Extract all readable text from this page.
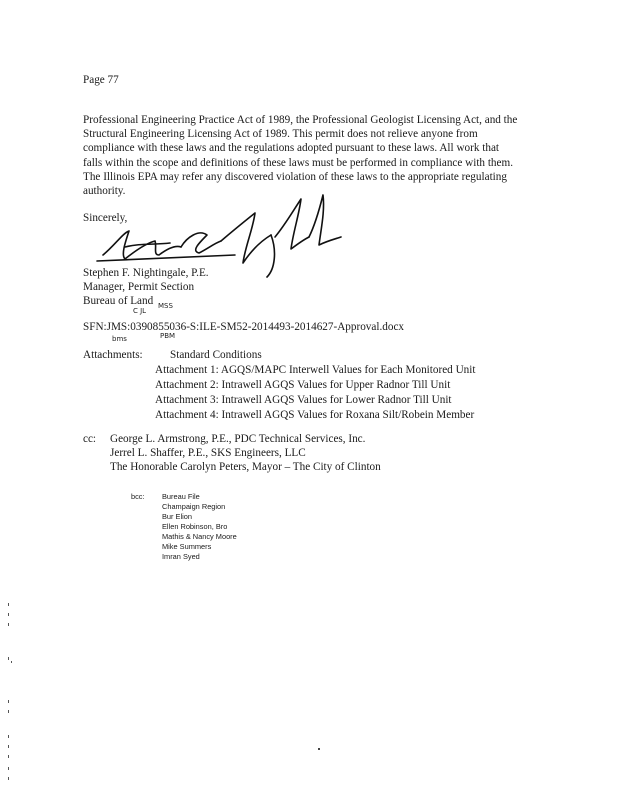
Page 77
Professional Engineering Practice Act of 1989, the Professional Geologist Licensing Act, and the
Structural Engineering Licensing Act of 1989. This permit does not relieve anyone from
compliance with these laws and the regulations adopted pursuant to these laws. All work that
falls within the scope and definitions of these laws must be performed in compliance with them.
The Illinois EPA may refer any discovered violation of these laws to the appropriate regulating
authority.
Sincerely,
Stephen F. Nightingale, P.E.
Manager, Permit Section
Bureau of Land
C JL
MSS
SFN:JMS:0390855036-S:ILE-SM52-2014493-2014627-Approval.docx
bms	PBM
Attachments: Standard Conditions
Attachment 1: AGQS/MAPC Interwell Values for Each Monitored Unit
Attachment 2: Intrawell AGQS Values for Upper Radnor Till Unit
Attachment 3: Intrawell AGQS Values for Lower Radnor Till Unit
Attachment 4: Intrawell AGQS Values for Roxana Silt/Robein Member
cc: George L. Armstrong, P.E., PDC Technical Services, Inc.
Jerrel L. Shaffer, P.E., SKS Engineers, LLC
The Honorable Carolyn Peters, Mayor – The City of Clinton
bcc: Bureau File
Champaign Region
Bur Elion
Ellen Robinson, Bro
Mathis & Nancy Moore
Mike Summers
Imran Syed
